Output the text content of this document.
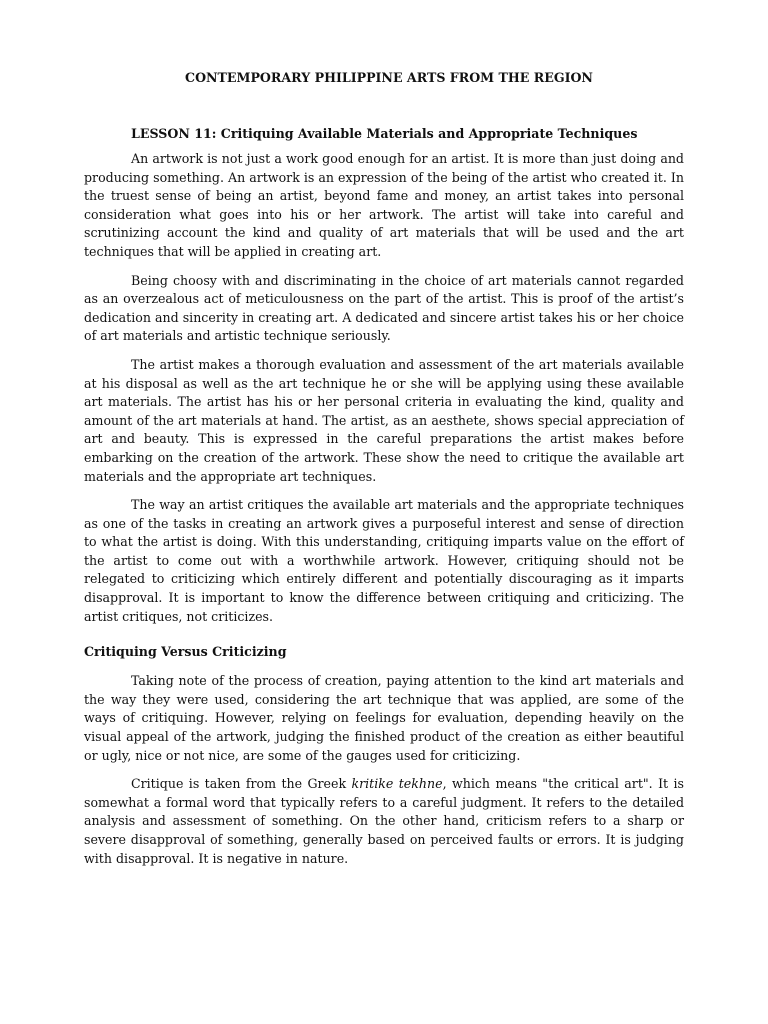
CONTEMPORARY PHILIPPINE ARTS FROM THE REGION
LESSON 11: Critiquing Available Materials and Appropriate Techniques

An artwork is not just a work good enough for an artist. It is more than just doing and producing something. An artwork is an expression of the being of the artist who created it. In the truest sense of being an artist, beyond fame and money, an artist takes into personal consideration what goes into his or her artwork. The artist will take into careful and scrutinizing account the kind and quality of art materials that will be used and the art techniques that will be applied in creating art.

Being choosy with and discriminating in the choice of art materials cannot regarded as an overzealous act of meticulousness on the part of the artist. This is proof of the artist’s dedication and sincerity in creating art. A dedicated and sincere artist takes his or her choice of art materials and artistic technique seriously.

The artist makes a thorough evaluation and assessment of the art materials available at his disposal as well as the art technique he or she will be applying using these available art materials. The artist has his or her personal criteria in evaluating the kind, quality and amount of the art materials at hand. The artist, as an aesthete, shows special appreciation of art and beauty. This is expressed in the careful preparations the artist makes before embarking on the creation of the artwork. These show the need to critique the available art materials and the appropriate art techniques.

The way an artist critiques the available art materials and the appropriate techniques as one of the tasks in creating an artwork gives a purposeful interest and sense of direction to what the artist is doing. With this understanding, critiquing imparts value on the effort of the artist to come out with a worthwhile artwork. However, critiquing should not be relegated to criticizing which entirely different and potentially discouraging as it imparts disapproval. It is important to know the difference between critiquing and criticizing. The artist critiques, not criticizes.

Critiquing Versus Criticizing

Taking note of the process of creation, paying attention to the kind art materials and the way they were used, considering the art technique that was applied, are some of the ways of critiquing. However, relying on feelings for evaluation, depending heavily on the visual appeal of the artwork, judging the finished product of the creation as either beautiful or ugly, nice or not nice, are some of the gauges used for criticizing.

Critique is taken from the Greek kritike tekhne, which means "the critical art". It is somewhat a formal word that typically refers to a careful judgment. It refers to the detailed analysis and assessment of something. On the other hand, criticism refers to a sharp or severe disapproval of something, generally based on perceived faults or errors. It is judging with disapproval. It is negative in nature.
